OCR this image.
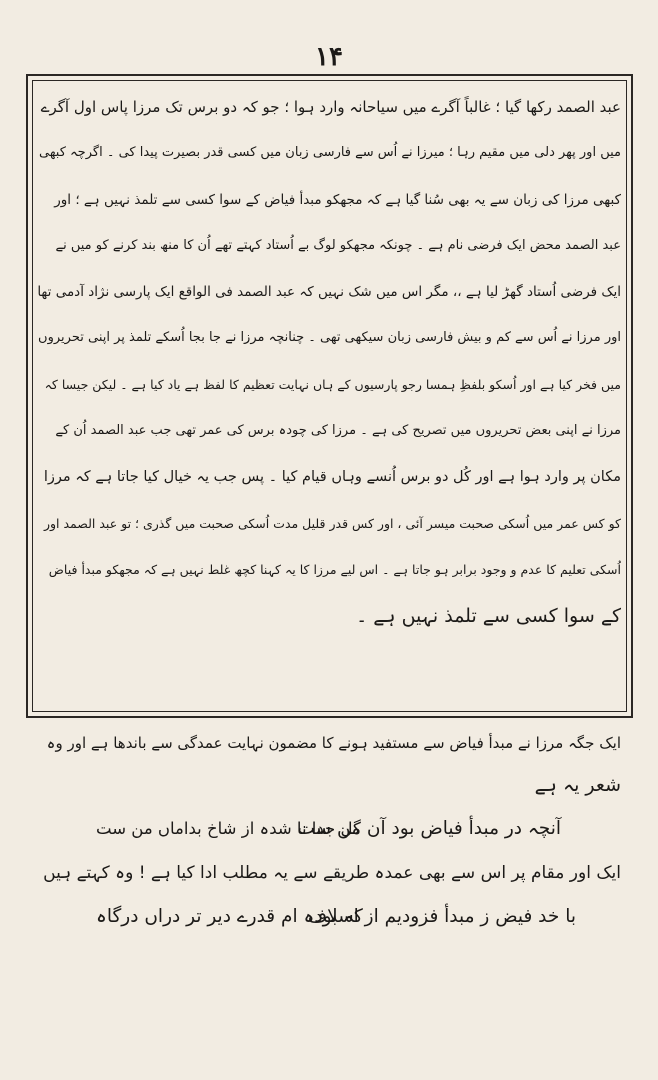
۱۴
عبد الصمد رکھا گیا ؛ غالباً آگرے میں سیاحانہ وارد ہوا ؛ جو کہ دو برس تک مرزا پاس اول آگرے
میں اور پھر دلی میں مقیم رہا ؛ میرزا نے اُس سے فارسی زبان میں کسی قدر بصیرت پیدا کی ۔ اگرچہ کبھی
کبھی مرزا کی زبان سے یہ بھی سُنا گیا ہے کہ مجھکو مبدأ فیاض کے سوا کسی سے تلمذ نہیں ہے ؛ اور
عبد الصمد محض ایک فرضی نام ہے ۔ چونکہ مجھکو لوگ بے اُستاد کہتے تھے اُن کا منھ بند کرنے کو میں نے
ایک فرضی اُستاد گھڑ لیا ہے ،، مگر اس میں شک نہیں کہ عبد الصمد فی الواقع ایک پارسی نژاد آدمی تھا
اور مرزا نے اُس سے کم و بیش فارسی زبان سیکھی تھی ۔ چنانچہ مرزا نے جا بجا اُسکے تلمذ پر اپنی تحریروں
میں فخر کیا ہے اور اُسکو بلفظِ ہمسا رجو پارسیوں کے ہاں نہایت تعظیم کا لفظ ہے یاد کیا ہے ۔ لیکن جیسا کہ
مرزا نے اپنی بعض تحریروں میں تصریح کی ہے ۔ مرزا کی چودہ برس کی عمر تھی جب عبد الصمد اُن کے
مکان پر وارد ہوا ہے اور کُل دو برس اُنسے وہاں قیام کیا ۔ پس جب یہ خیال کیا جاتا ہے کہ مرزا
کو کس عمر میں اُسکی صحبت میسر آئی ، اور کس قدر قلیل مدت اُسکی صحبت میں گذری ؛ تو عبد الصمد اور
اُسکی تعلیم کا عدم و وجود برابر ہو جاتا ہے ۔ اس لیے مرزا کا یہ کہنا کچھ غلط نہیں ہے کہ مجھکو مبدأ فیاض
کے سوا کسی سے تلمذ نہیں ہے ۔
ایک جگہ مرزا نے مبدأ فیاض سے مستفید ہونے کا مضمون نہایت عمدگی سے باندھا ہے اور وہ
شعر یہ ہے
آنچہ در مبدأ فیاض بود آن من ست
گل جدا نا شدہ از شاخ بداماں من ست
ایک اور مقام پر اس سے بھی عمدہ طریقے سے یہ مطلب ادا کیا ہے ! وہ کہتے ہیں
با خد فیض ز مبدأ فزودیم از اسلاف
کہ بودہ ام قدرے دیر تر دراں درگاہ
